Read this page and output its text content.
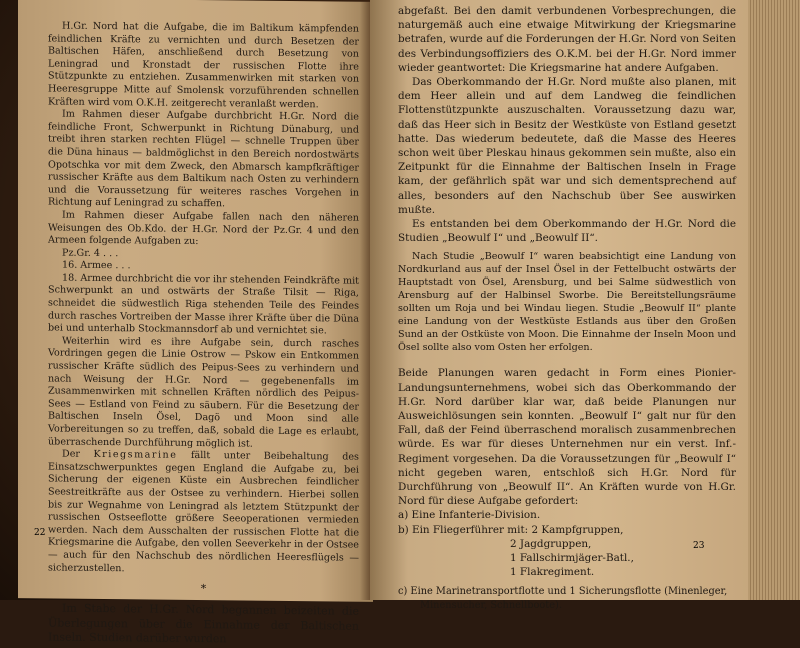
H.Gr. Nord hat die Aufgabe, die im Baltikum kämpfenden feindlichen Kräfte zu vernichten und durch Besetzen der Baltischen Häfen, anschließend durch Besetzung von Leningrad und Kronstadt der russischen Flotte ihre Stützpunkte zu entziehen. Zusammenwirken mit starken von Heeresgruppe Mitte auf Smolensk vorzuführenden schnellen Kräften wird vom O.K.H. zeitgerecht veranlaßt werden.

Im Rahmen dieser Aufgabe durchbricht H.Gr. Nord die feindliche Front, Schwerpunkt in Richtung Dünaburg, und treibt ihren starken rechten Flügel — schnelle Truppen über die Düna hinaus — baldmöglichst in den Bereich nordostwärts Opotschka vor mit dem Zweck, den Abmarsch kampfkräftiger russischer Kräfte aus dem Baltikum nach Osten zu verhindern und die Voraussetzung für weiteres rasches Vorgehen in Richtung auf Leningrad zu schaffen.

Im Rahmen dieser Aufgabe fallen nach den näheren Weisungen des Ob.Kdo. der H.Gr. Nord der Pz.Gr. 4 und den Armeen folgende Aufgaben zu:

Pz.Gr. 4 . . .

16. Armee . . .

18. Armee durchbricht die vor ihr stehenden Feindkräfte mit Schwerpunkt an und ostwärts der Straße Tilsit — Riga, schneidet die südwestlich Riga stehenden Teile des Feindes durch rasches Vortreiben der Masse ihrer Kräfte über die Düna bei und unterhalb Stockmannsdorf ab und vernichtet sie.

Weiterhin wird es ihre Aufgabe sein, durch rasches Vordringen gegen die Linie Ostrow — Pskow ein Entkommen russischer Kräfte südlich des Peipus-Sees zu verhindern und nach Weisung der H.Gr. Nord — gegebenenfalls im Zusammenwirken mit schnellen Kräften nördlich des Peipus-Sees — Estland von Feind zu säubern. Für die Besetzung der Baltischen Inseln Ösel, Dagö und Moon sind alle Vorbereitungen so zu treffen, daß, sobald die Lage es erlaubt, überraschende Durchführung möglich ist.

Der Kriegsmarine fällt unter Beibehaltung des Einsatzschwerpunktes gegen England die Aufgabe zu, bei Sicherung der eigenen Küste ein Ausbrechen feindlicher Seestreitkräfte aus der Ostsee zu verhindern. Hierbei sollen bis zur Wegnahme von Leningrad als letztem Stützpunkt der russischen Ostseeflotte größere Seeoperationen vermieden werden. Nach dem Ausschalten der russischen Flotte hat die Kriegsmarine die Aufgabe, den vollen Seeverkehr in der Ostsee — auch für den Nachschub des nördlichen Heeresflügels — sicherzustellen.

*

Im Stabe der H.Gr. Nord begannen beizeiten die Überlegungen über die Einnahme der Baltischen Inseln. Studien darüber wurden

22

abgefaßt. Bei den damit verbundenen Vorbesprechungen, die naturgemäß auch eine etwaige Mitwirkung der Kriegsmarine betrafen, wurde auf die Forderungen der H.Gr. Nord von Seiten des Verbindungsoffiziers des O.K.M. bei der H.Gr. Nord immer wieder geantwortet: Die Kriegsmarine hat andere Aufgaben.

Das Oberkommando der H.Gr. Nord mußte also planen, mit dem Heer allein und auf dem Landweg die feindlichen Flottenstützpunkte auszuschalten. Voraussetzung dazu war, daß das Heer sich in Besitz der Westküste von Estland gesetzt hatte. Das wiederum bedeutete, daß die Masse des Heeres schon weit über Pleskau hinaus gekommen sein mußte, also ein Zeitpunkt für die Einnahme der Baltischen Inseln in Frage kam, der gefährlich spät war und sich dementsprechend auf alles, besonders auf den Nachschub über See auswirken mußte.

Es entstanden bei dem Oberkommando der H.Gr. Nord die Studien „Beowulf I“ und „Beowulf II“.

Nach Studie „Beowulf I“ waren beabsichtigt eine Landung von Nordkurland aus auf der Insel Ösel in der Fettelbucht ostwärts der Hauptstadt von Ösel, Arensburg, und bei Salme südwestlich von Arensburg auf der Halbinsel Sworbe. Die Bereitstellungsräume sollten um Roja und bei Windau liegen. Studie „Beowulf II“ plante eine Landung von der Westküste Estlands aus über den Großen Sund an der Ostküste von Moon. Die Einnahme der Inseln Moon und Ösel sollte also vom Osten her erfolgen.

Beide Planungen waren gedacht in Form eines Pionier-Landungsunternehmens, wobei sich das Oberkommando der H.Gr. Nord darüber klar war, daß beide Planungen nur Ausweichlösungen sein konnten. „Beowulf I“ galt nur für den Fall, daß der Feind überraschend moralisch zusammenbrechen würde. Es war für dieses Unternehmen nur ein verst. Inf.-Regiment vorgesehen. Da die Voraussetzungen für „Beowulf I“ nicht gegeben waren, entschloß sich H.Gr. Nord für Durchführung von „Beowulf II“. An Kräften wurde von H.Gr. Nord für diese Aufgabe gefordert:

a) Eine Infanterie-Division.

b) Ein Fliegerführer mit: 2 Kampfgruppen,

2 Jagdgruppen,

1 Fallschirmjäger-Batl.,

1 Flakregiment.

c) Eine Marinetransportflotte und 1 Sicherungsflotte (Minenleger, Minensucher, Schnellboote).

23
